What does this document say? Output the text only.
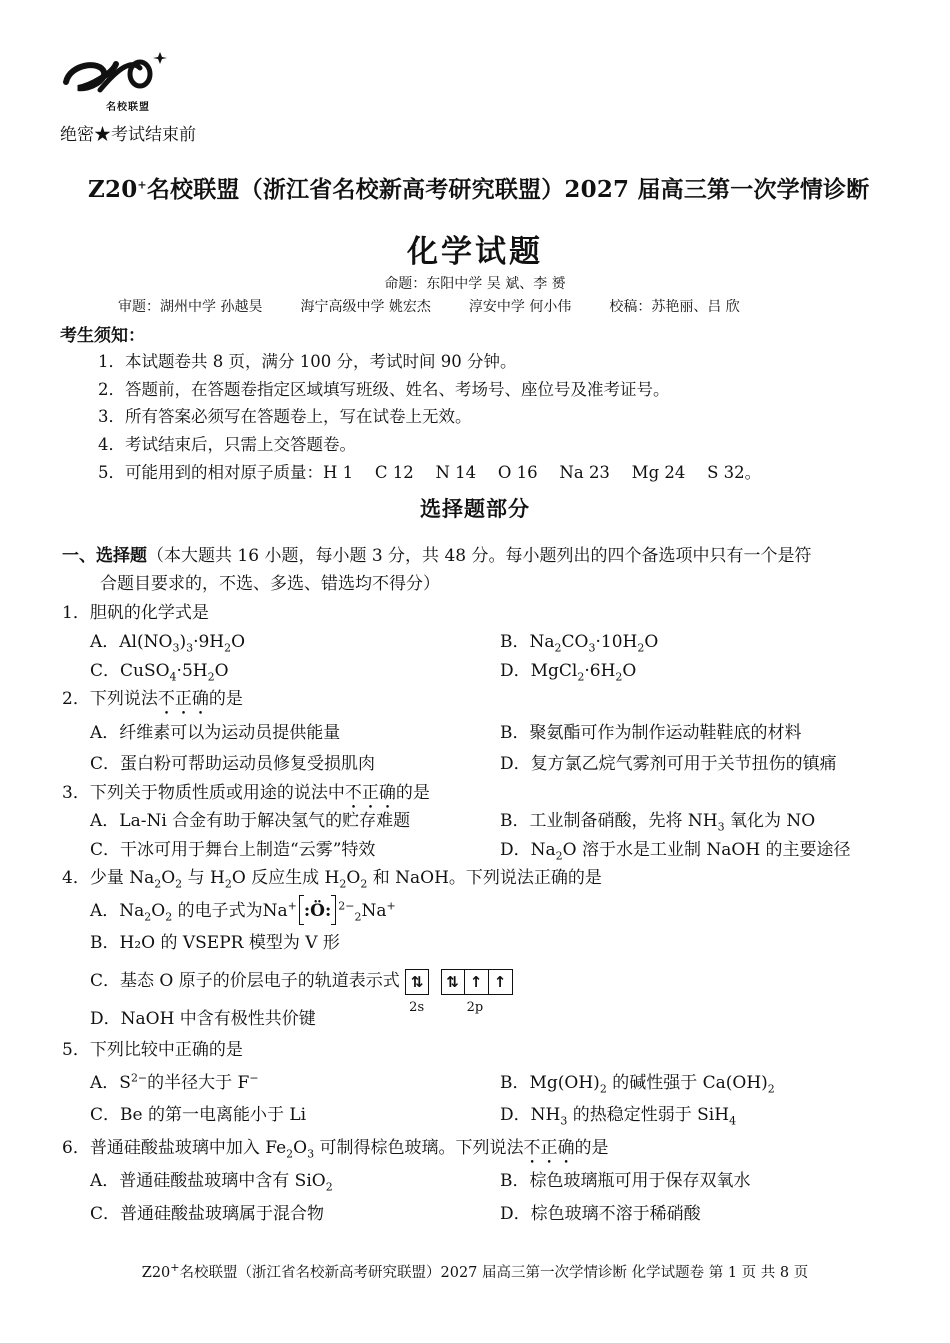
名校联盟
绝密★考试结束前
Z20+名校联盟（浙江省名校新高考研究联盟）2027 届高三第一次学情诊断
化学试题
命题：东阳中学 吴 斌、李 赟
审题：湖州中学 孙越昊	海宁高级中学 姚宏杰	淳安中学 何小伟	校稿：苏艳丽、吕 欣
考生须知：
1．本试题卷共 8 页，满分 100 分，考试时间 90 分钟。
2．答题前，在答题卷指定区域填写班级、姓名、考场号、座位号及准考证号。
3．所有答案必须写在答题卷上，写在试卷上无效。
4．考试结束后，只需上交答题卷。
5．可能用到的相对原子质量：H 1　 C 12　 N 14　 O 16　 Na 23　 Mg 24　 S 32。
选择题部分
一、选择题（本大题共 16 小题，每小题 3 分，共 48 分。每小题列出的四个备选项中只有一个是符
合题目要求的，不选、多选、错选均不得分）
1．胆矾的化学式是
A．$Al(NO_3)_3\cdot 9H_2O$	B．$Na_2CO_3\cdot 10H_2O$
C．$CuSO_4\cdot 5H_2O$	D．$MgCl_2\cdot 6H_2O$
2．下列说法不正确的是
A．纤维素可以为运动员提供能量	B．聚氨酯可作为制作运动鞋鞋底的材料
C．蛋白粉可帮助运动员修复受损肌肉	D．复方氯乙烷气雾剂可用于关节扭伤的镇痛
3．下列关于物质性质或用途的说法中不正确的是
A．La-Ni 合金有助于解决氢气的贮存难题	B．工业制备硝酸，先将 $NH_3$ 氧化为 NO
C．干冰可用于舞台上制造“云雾”特效	D．$Na_2O$ 溶于水是工业制 NaOH 的主要途径
4．少量 $Na_2O_2$ 与 $H_2O$ 反应生成 $H_2O_2$ 和 NaOH。下列说法正确的是
A．$Na_2O_2$ 的电子式为Na+ :Ö: $^{2-}_2$Na+
B．H₂O 的 VSEPR 模型为 V 形
C．基态 O 原子的价层电子的轨道表示式 ⇅
2s
⇅ ↑ ↑
2p
D．NaOH 中含有极性共价键
5．下列比较中正确的是
A．$S^{2-}$的半径大于 F−	B．$Mg(OH)_2$ 的碱性强于 $Ca(OH)_2$
C．Be 的第一电离能小于 Li	D．$NH_3$ 的热稳定性弱于 SiH$_4$
6．普通硅酸盐玻璃中加入 $Fe_2O_3$ 可制得棕色玻璃。下列说法不正确的是
A．普通硅酸盐玻璃中含有 SiO$_2$	B．棕色玻璃瓶可用于保存双氧水
C．普通硅酸盐玻璃属于混合物	D．棕色玻璃不溶于稀硝酸
Z20+名校联盟（浙江省名校新高考研究联盟）2027 届高三第一次学情诊断 化学试题卷 第 1 页 共 8 页
